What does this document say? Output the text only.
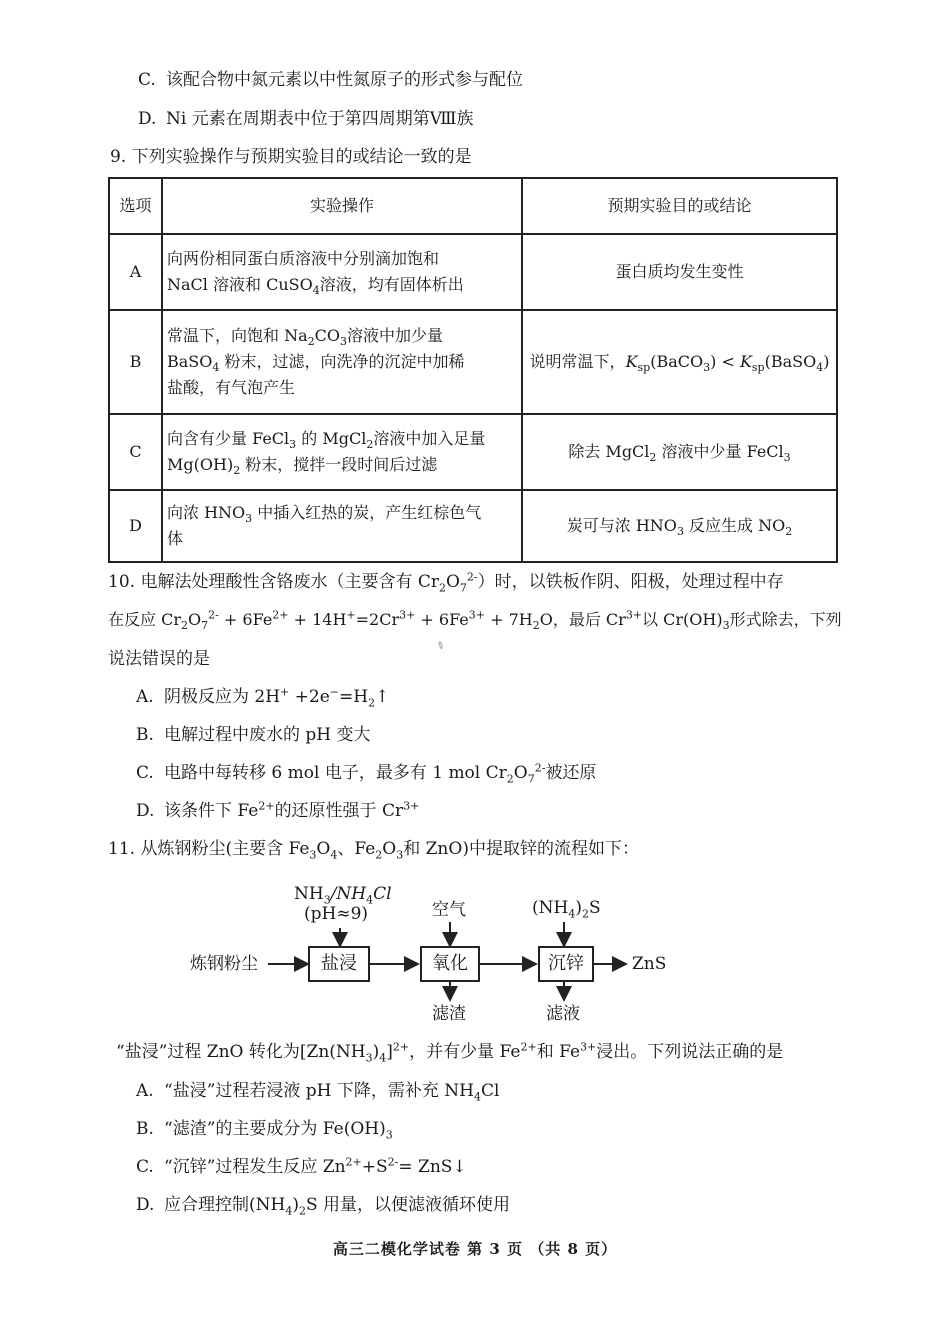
C. 该配合物中氮元素以中性氮原子的形式参与配位
D. Ni 元素在周期表中位于第四周期第Ⅷ族
9. 下列实验操作与预期实验目的或结论一致的是
选项	实验操作	预期实验目的或结论
A	向两份相同蛋白质溶液中分别滴加饱和
NaCl 溶液和 CuSO$_4$溶液，均有固体析出	蛋白质均发生变性
B	常温下，向饱和 $Na_2CO_3$溶液中加少量
BaSO$_4$ 粉末，过滤，向洗净的沉淀中加稀
盐酸，有气泡产生	说明常温下，$K_{sp}(BaCO_3)$ < $K_{sp}(BaSO_4)$
C	向含有少量 FeCl$_3$ 的 MgCl$_2$溶液中加入足量
$Mg(OH)_2$ 粉末，搅拌一段时间后过滤	除去 MgCl$_2$ 溶液中少量 FeCl$_3$
D	向浓 $HNO_3$ 中插入红热的炭，产生红棕色气
体	炭可与浓 $HNO_3$ 反应生成 $NO_2$
10. 电解法处理酸性含铬废水（主要含有 $Cr_2O_7^{2-}$）时，以铁板作阴、阳极，处理过程中存
在反应 $Cr_2O_7^{2-} + 6Fe^{2+} + 14H^+=2Cr^{3+} + 6Fe^{3+} + 7H_2O$，最后 $Cr^{3+}$以 $Cr(OH)_3$形式除去，下列
✎
说法错误的是
A. 阴极反应为 $2H^+ +2e^-=H_2↑$
B. 电解过程中废水的 pH 变大
C. 电路中每转移 6 mol 电子，最多有 1 mol $Cr_2O_7^{2-}$被还原
D. 该条件下 $Fe^{2+}$的还原性强于 $Cr^{3+}$
11. 从炼钢粉尘(主要含 $Fe_3O_4$、$Fe_2O_3$和 ZnO)中提取锌的流程如下：
炼钢粉尘	盐浸
$NH_3/NH_4Cl$
(pH≈9)
氧化
空气
滤渣
沉锌
$(NH_4)_2S$
滤液
ZnS
“盐浸”过程 ZnO 转化为$[Zn(NH_3)_4]^{2+}$，并有少量 $Fe^{2+}$和 $Fe^{3+}$浸出。下列说法正确的是
A. “盐浸”过程若浸液 pH 下降，需补充 $NH_4Cl$
B. “滤渣”的主要成分为 $Fe(OH)_3$
C. “沉锌”过程发生反应 $Zn^{2+}+S^{2-}=$ ZnS↓
D. 应合理控制$(NH_4)_2S$ 用量，以便滤液循环使用
高三二模化学试卷 第 3 页 （共 8 页）
